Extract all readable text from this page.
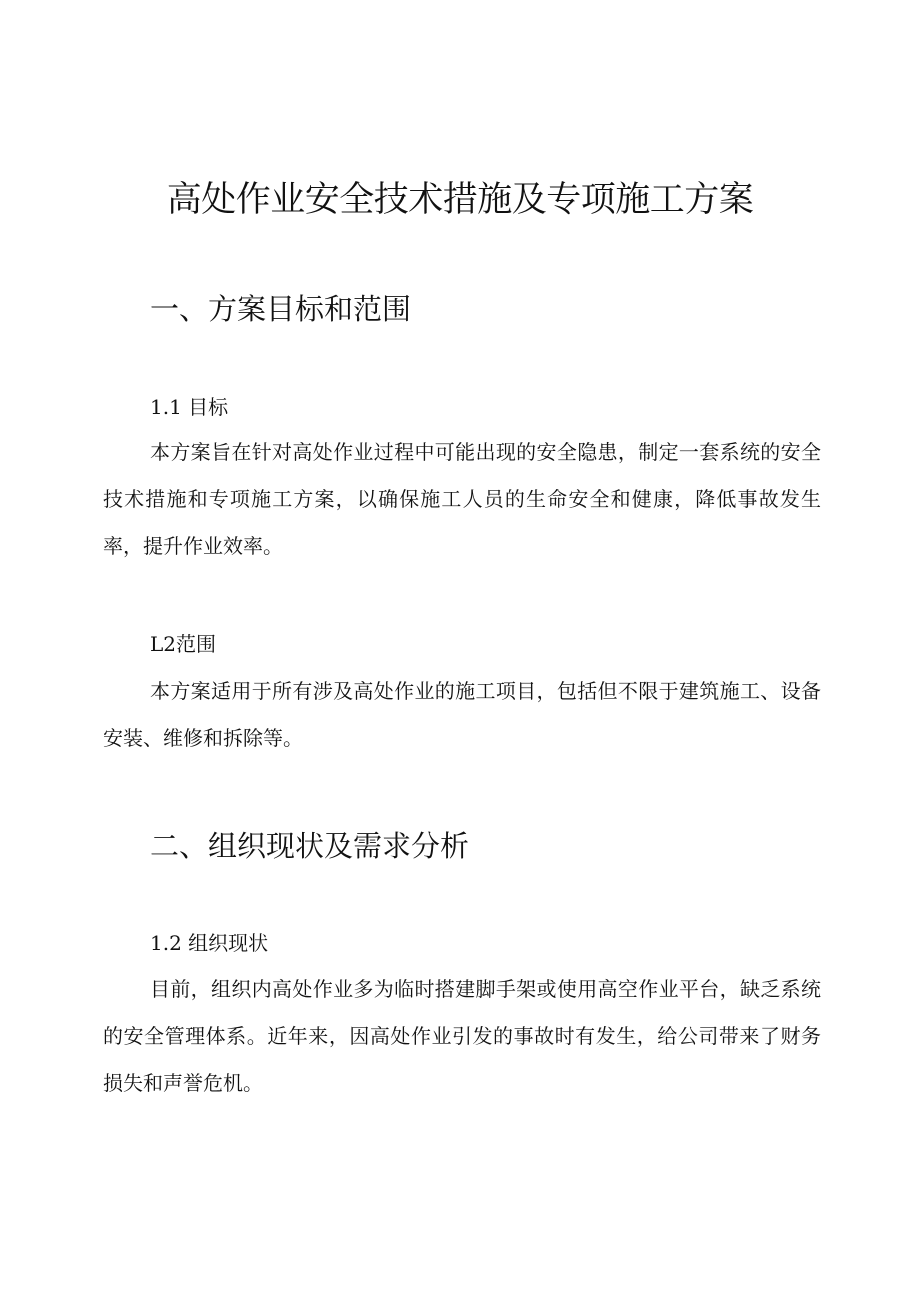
高处作业安全技术措施及专项施工方案
一、方案目标和范围
1.1 目标

本方案旨在针对高处作业过程中可能出现的安全隐患，制定一套系统的安全技术措施和专项施工方案，以确保施工人员的生命安全和健康，降低事故发生率，提升作业效率。

L2范围

本方案适用于所有涉及高处作业的施工项目，包括但不限于建筑施工、设备安装、维修和拆除等。

二、组织现状及需求分析
1.2 组织现状

目前，组织内高处作业多为临时搭建脚手架或使用高空作业平台，缺乏系统的安全管理体系。近年来，因高处作业引发的事故时有发生，给公司带来了财务损失和声誉危机。
